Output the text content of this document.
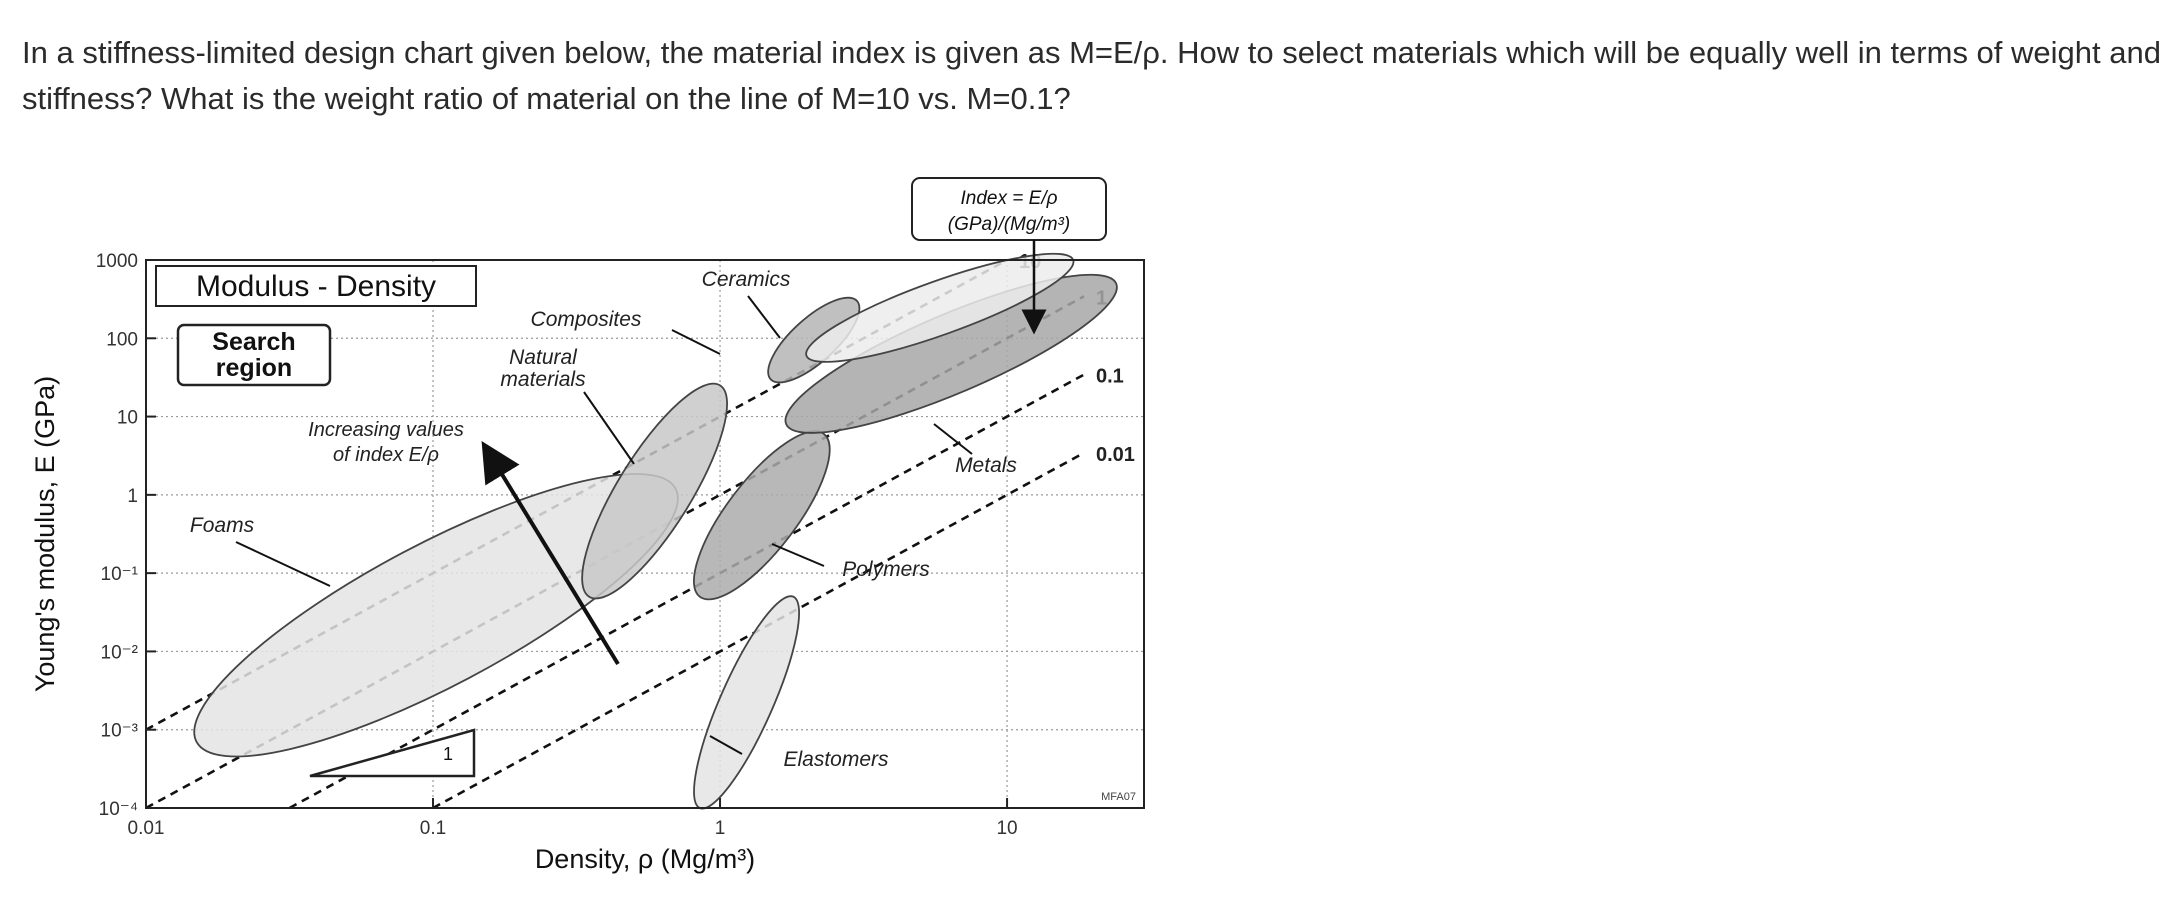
In a stiffness-limited design chart given below, the material index is given as M=E/ρ. How to select materials which will be equally well in terms of weight and stiffness? What is the weight ratio of material on the line of M=10 vs. M=0.1?
0.1
0.01
0.01	0.1	1	10
1000
100
10
1
10⁻¹
10⁻²
10⁻³
10⁻⁴
Modulus - Density
Search
region
Index = E/ρ
(GPa)/(Mg/m³)
Increasing values
of index E/ρ
1
MFA07
Ceramics
Composites
Natural
materials
Metals
Foams
Polymers
Elastomers
Density, ρ (Mg/m³)
Young's modulus, E (GPa)
